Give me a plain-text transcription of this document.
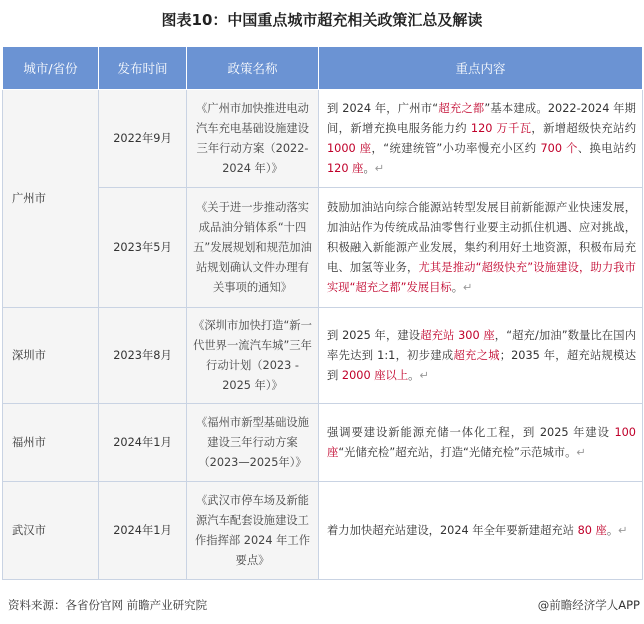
图表10：中国重点城市超充相关政策汇总及解读
城市/省份	发布时间	政策名称	重点内容
广州市	2022年9月	《广州市加快推进电动汽车充电基础设施建设三年行动方案（2022-2024 年）》	到 2024 年，广州市“超充之都”基本建成。2022-2024 年期间，新增充换电服务能力约 120 万千瓦，新增超级快充站约 1000 座，“统建统管”小功率慢充小区约 700 个、换电站约 120 座。↵
	2023年5月	《关于进一步推动落实成品油分销体系“十四五”发展规划和规范加油站规划确认文件办理有关事项的通知》	鼓励加油站向综合能源站转型发展目前新能源产业快速发展，加油站作为传统成品油零售行业要主动抓住机遇、应对挑战，积极融入新能源产业发展，集约利用好土地资源，积极布局充电、加氢等业务，尤其是推动“超级快充”设施建设，助力我市实现“超充之都”发展目标。↵
深圳市	2023年8月	《深圳市加快打造“新一代世界一流汽车城”三年行动计划（2023 - 2025 年）》	到 2025 年，建设超充站 300 座，“超充/加油”数量比在国内率先达到 1:1，初步建成超充之城；2035 年，超充站规模达到 2000 座以上。↵
福州市	2024年1月	《福州市新型基础设施建设三年行动方案（2023—2025年）》	强调要建设新能源充储一体化工程，到 2025 年建设 100 座“光储充检”超充站，打造“光储充检”示范城市。↵
武汉市	2024年1月	《武汉市停车场及新能源汽车配套设施建设工作指挥部 2024 年工作要点》	着力加快超充站建设，2024 年全年要新建超充站 80 座。↵
资料来源：各省份官网 前瞻产业研究院	@前瞻经济学人APP
